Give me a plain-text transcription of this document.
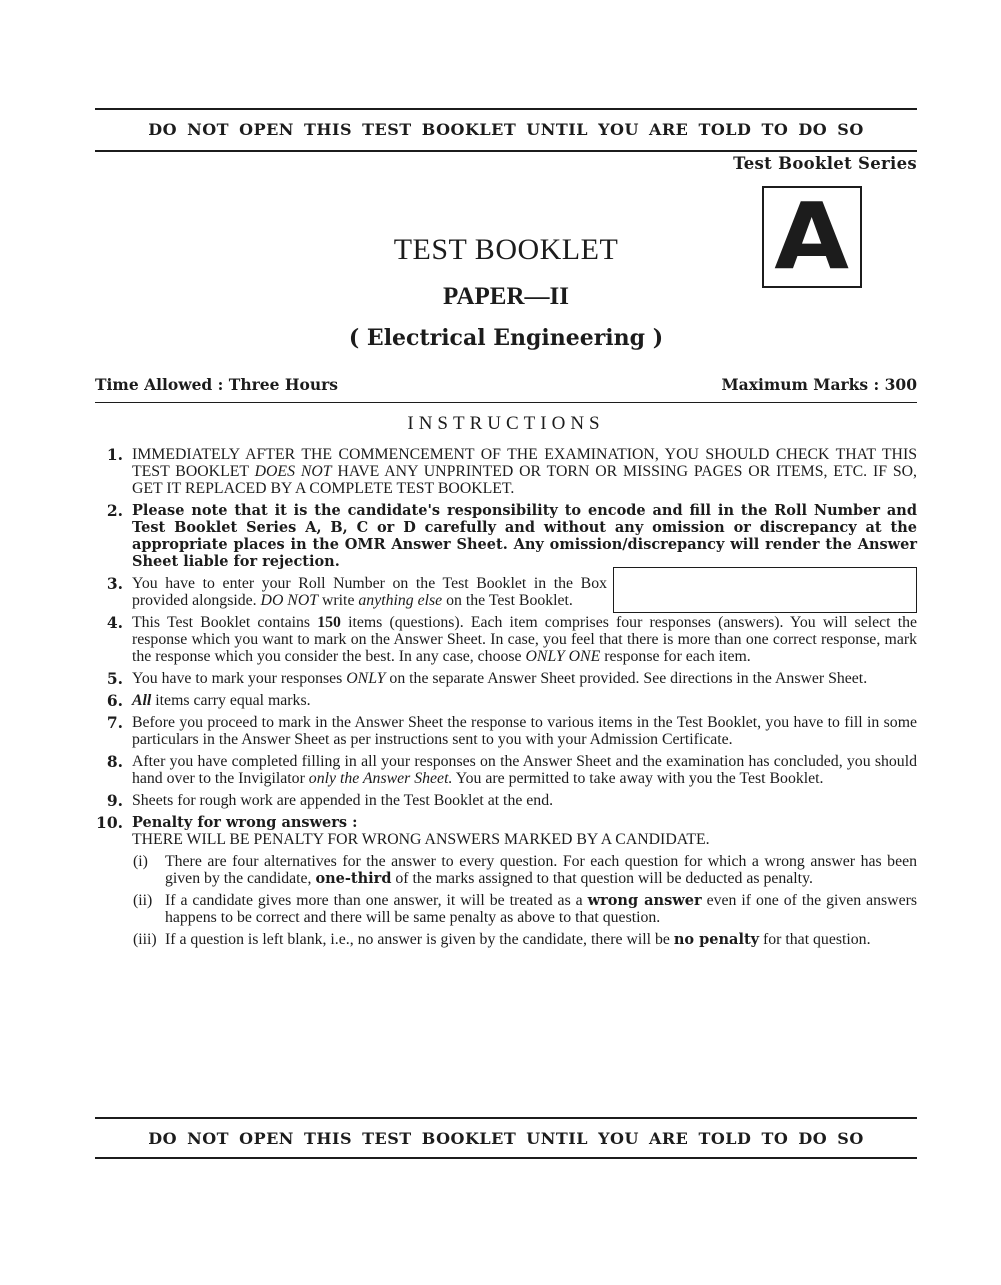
DO NOT OPEN THIS TEST BOOKLET UNTIL YOU ARE TOLD TO DO SO
Test Booklet Series
A
TEST BOOKLET
PAPER—II
( Electrical Engineering )
Time Allowed : Three Hours	Maximum Marks : 300
INSTRUCTIONS
1. IMMEDIATELY AFTER THE COMMENCEMENT OF THE EXAMINATION, YOU SHOULD CHECK THAT THIS TEST BOOKLET DOES NOT HAVE ANY UNPRINTED OR TORN OR MISSING PAGES OR ITEMS, ETC. IF SO, GET IT REPLACED BY A COMPLETE TEST BOOKLET.
2. Please note that it is the candidate's responsibility to encode and fill in the Roll Number and Test Booklet Series A, B, C or D carefully and without any omission or discrepancy at the appropriate places in the OMR Answer Sheet. Any omission/discrepancy will render the Answer Sheet liable for rejection.
3. You have to enter your Roll Number on the Test Booklet in the Box provided alongside. DO NOT write anything else on the Test Booklet.
4. This Test Booklet contains 150 items (questions). Each item comprises four responses (answers). You will select the response which you want to mark on the Answer Sheet. In case, you feel that there is more than one correct response, mark the response which you consider the best. In any case, choose ONLY ONE response for each item.
5. You have to mark your responses ONLY on the separate Answer Sheet provided. See directions in the Answer Sheet.
6. All items carry equal marks.
7. Before you proceed to mark in the Answer Sheet the response to various items in the Test Booklet, you have to fill in some particulars in the Answer Sheet as per instructions sent to you with your Admission Certificate.
8. After you have completed filling in all your responses on the Answer Sheet and the examination has concluded, you should hand over to the Invigilator only the Answer Sheet. You are permitted to take away with you the Test Booklet.
9. Sheets for rough work are appended in the Test Booklet at the end.
10. Penalty for wrong answers :
THERE WILL BE PENALTY FOR WRONG ANSWERS MARKED BY A CANDIDATE.
(i)	There are four alternatives for the answer to every question. For each question for which a wrong answer has been given by the candidate, one-third of the marks assigned to that question will be deducted as penalty.
(ii) If a candidate gives more than one answer, it will be treated as a wrong answer even if one of the given answers happens to be correct and there will be same penalty as above to that question.
(iii) If a question is left blank, i.e., no answer is given by the candidate, there will be no penalty for that question.
DO NOT OPEN THIS TEST BOOKLET UNTIL YOU ARE TOLD TO DO SO
